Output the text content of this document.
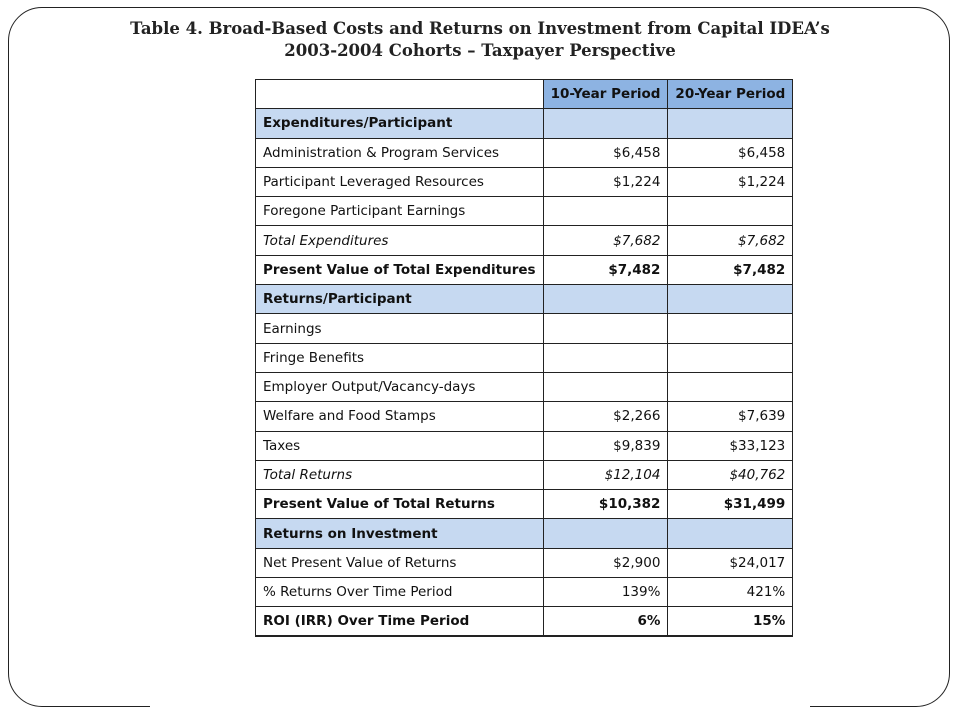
Table 4. Broad-Based Costs and Returns on Investment from Capital IDEA’s
2003-2004 Cohorts – Taxpayer Perspective
	10-Year Period	20-Year Period
Expenditures/Participant		
Administration & Program Services	$6,458	$6,458
Participant Leveraged Resources	$1,224	$1,224
Foregone Participant Earnings		
Total Expenditures	$7,682	$7,682
Present Value of Total Expenditures	$7,482	$7,482
Returns/Participant		
Earnings		
Fringe Benefits		
Employer Output/Vacancy-days		
Welfare and Food Stamps	$2,266	$7,639
Taxes	$9,839	$33,123
Total Returns	$12,104	$40,762
Present Value of Total Returns	$10,382	$31,499
Returns on Investment		
Net Present Value of Returns	$2,900	$24,017
% Returns Over Time Period	139%	421%
ROI (IRR) Over Time Period	6%	15%
